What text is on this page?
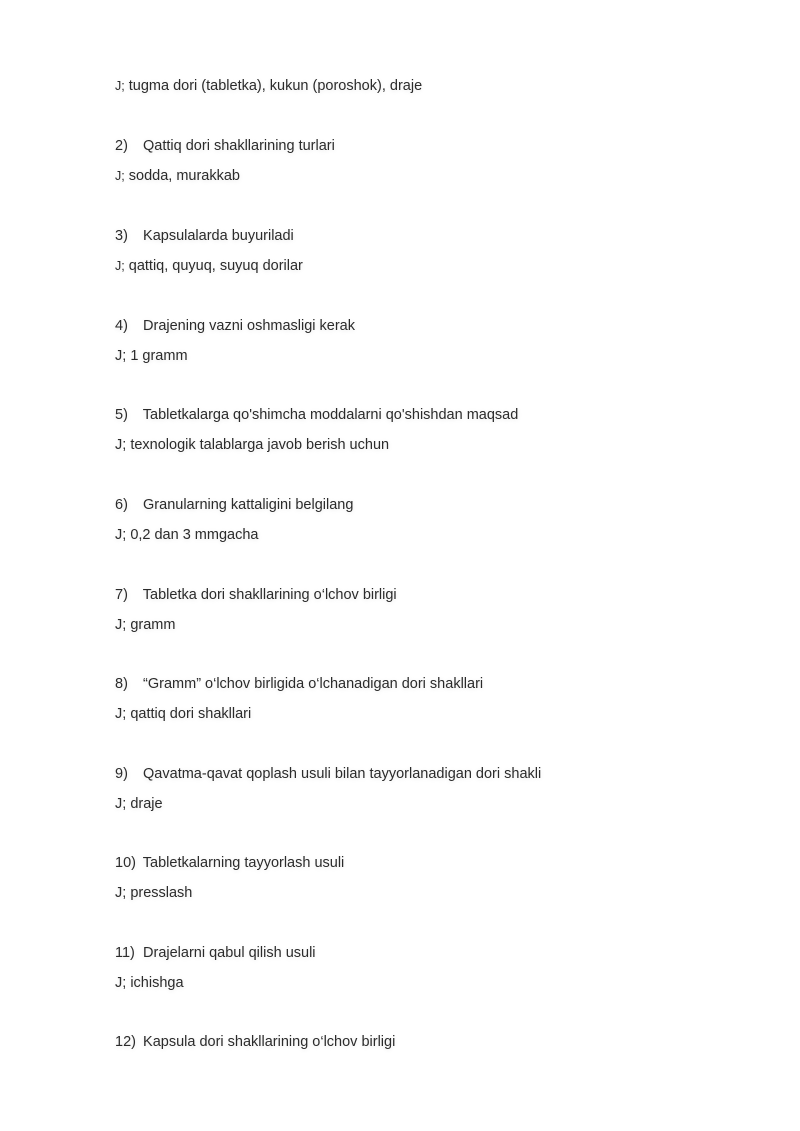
J; tugma dori (tabletka), kukun (poroshok), draje
2) Qattiq dori shakllarining turlari
J; sodda, murakkab
3) Kapsulalarda buyuriladi
J; qattiq, quyuq, suyuq dorilar
4) Drajening vazni oshmasligi kerak
J; 1 gramm
5) Tabletkalarga qo'shimcha moddalarni qo'shishdan maqsad
J; texnologik talablarga javob berish uchun
6) Granularning kattaligini belgilang
J; 0,2 dan 3 mmgacha
7) Tabletka dori shakllarining o‘lchov birligi
J; gramm
8) “Gramm” o‘lchov birligida o‘lchanadigan dori shakllari
J; qattiq dori shakllari
9) Qavatma-qavat qoplash usuli bilan tayyorlanadigan dori shakli
J; draje
10) Tabletkalarning tayyorlash usuli
J; presslash
11) Drajelarni qabul qilish usuli
J; ichishga
12) Kapsula dori shakllarining o‘lchov birligi
